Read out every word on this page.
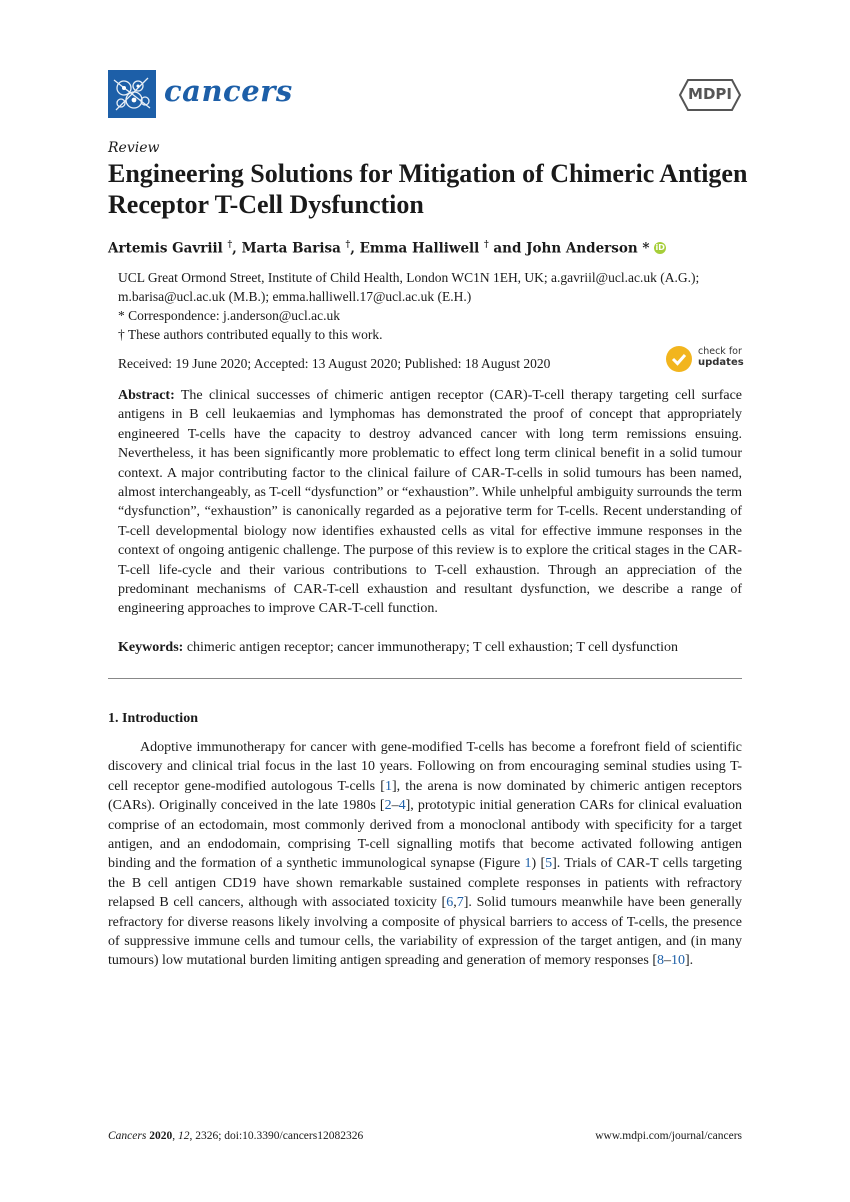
cancers	MDPI
Review
Engineering Solutions for Mitigation of Chimeric Antigen Receptor T-Cell Dysfunction
Artemis Gavriil †, Marta Barisa †, Emma Halliwell † and John Anderson * iD
UCL Great Ormond Street, Institute of Child Health, London WC1N 1EH, UK; a.gavriil@ucl.ac.uk (A.G.);
m.barisa@ucl.ac.uk (M.B.); emma.halliwell.17@ucl.ac.uk (E.H.)
* Correspondence: j.anderson@ucl.ac.uk
† These authors contributed equally to this work.
Received: 19 June 2020; Accepted: 13 August 2020; Published: 18 August 2020
check for
updates
Abstract: The clinical successes of chimeric antigen receptor (CAR)-T-cell therapy targeting cell surface antigens in B cell leukaemias and lymphomas has demonstrated the proof of concept that appropriately engineered T-cells have the capacity to destroy advanced cancer with long term remissions ensuing. Nevertheless, it has been significantly more problematic to effect long term clinical benefit in a solid tumour context. A major contributing factor to the clinical failure of CAR-T-cells in solid tumours has been named, almost interchangeably, as T-cell “dysfunction” or “exhaustion”. While unhelpful ambiguity surrounds the term “dysfunction”, “exhaustion” is canonically regarded as a pejorative term for T-cells. Recent understanding of T-cell developmental biology now identifies exhausted cells as vital for effective immune responses in the context of ongoing antigenic challenge. The purpose of this review is to explore the critical stages in the CAR-T-cell life-cycle and their various contributions to T-cell exhaustion. Through an appreciation of the predominant mechanisms of CAR-T-cell exhaustion and resultant dysfunction, we describe a range of engineering approaches to improve CAR-T-cell function.
Keywords: chimeric antigen receptor; cancer immunotherapy; T cell exhaustion; T cell dysfunction
1. Introduction
Adoptive immunotherapy for cancer with gene-modified T-cells has become a forefront field of scientific discovery and clinical trial focus in the last 10 years. Following on from encouraging seminal studies using T-cell receptor gene-modified autologous T-cells [1], the arena is now dominated by chimeric antigen receptors (CARs). Originally conceived in the late 1980s [2–4], prototypic initial generation CARs for clinical evaluation comprise of an ectodomain, most commonly derived from a monoclonal antibody with specificity for a target antigen, and an endodomain, comprising T-cell signalling motifs that become activated following antigen binding and the formation of a synthetic immunological synapse (Figure 1) [5]. Trials of CAR-T cells targeting the B cell antigen CD19 have shown remarkable sustained complete responses in patients with refractory relapsed B cell cancers, although with associated toxicity [6,7]. Solid tumours meanwhile have been generally refractory for diverse reasons likely involving a composite of physical barriers to access of T-cells, the presence of suppressive immune cells and tumour cells, the variability of expression of the target antigen, and (in many tumours) low mutational burden limiting antigen spreading and generation of memory responses [8–10].
Cancers 2020, 12, 2326; doi:10.3390/cancers12082326	www.mdpi.com/journal/cancers
